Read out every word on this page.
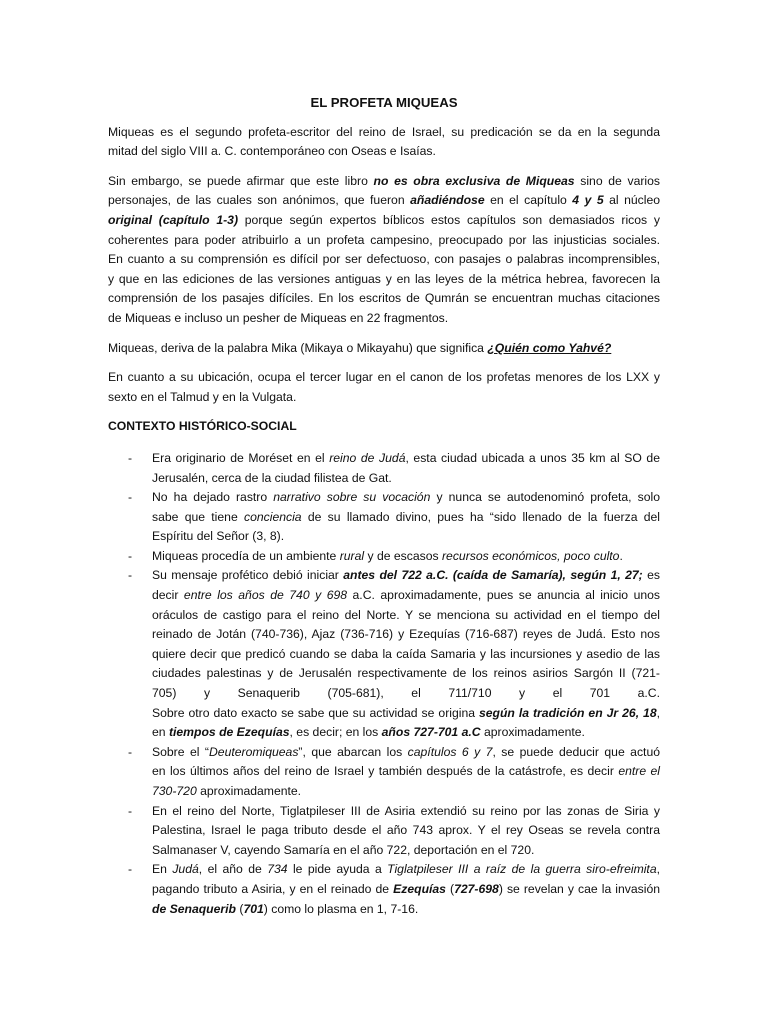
EL PROFETA MIQUEAS
Miqueas es el segundo profeta-escritor del reino de Israel, su predicación se da en la segunda
mitad del siglo VIII a. C. contemporáneo con Oseas e Isaías.
Sin embargo, se puede afirmar que este libro no es obra exclusiva de Miqueas sino de varios
personajes, de las cuales son anónimos, que fueron añadiéndose en el capítulo 4 y 5 al núcleo
original (capítulo 1-3) porque según expertos bíblicos estos capítulos son demasiados ricos y
coherentes para poder atribuirlo a un profeta campesino, preocupado por las injusticias sociales.
En cuanto a su comprensión es difícil por ser defectuoso, con pasajes o palabras incomprensibles,
y que en las ediciones de las versiones antiguas y en las leyes de la métrica hebrea, favorecen la
comprensión de los pasajes difíciles. En los escritos de Qumrán se encuentran muchas citaciones
de Miqueas e incluso un pesher de Miqueas en 22 fragmentos.
Miqueas, deriva de la palabra Mika (Mikaya o Mikayahu) que significa ¿Quién como Yahvé?
En cuanto a su ubicación, ocupa el tercer lugar en el canon de los profetas menores de los LXX y
sexto en el Talmud y en la Vulgata.
CONTEXTO HISTÓRICO-SOCIAL
- Era originario de Moréset en el reino de Judá, esta ciudad ubicada a unos 35 km al SO de
Jerusalén, cerca de la ciudad filistea de Gat.
- No ha dejado rastro narrativo sobre su vocación y nunca se autodenominó profeta, solo
sabe que tiene conciencia de su llamado divino, pues ha “sido llenado de la fuerza del
Espíritu del Señor (3, 8).
- Miqueas procedía de un ambiente rural y de escasos recursos económicos, poco culto.
- Su mensaje profético debió iniciar antes del 722 a.C. (caída de Samaría), según 1, 27; es
decir entre los años de 740 y 698 a.C. aproximadamente, pues se anuncia al inicio unos
oráculos de castigo para el reino del Norte. Y se menciona su actividad en el tiempo del
reinado de Jotán (740-736), Ajaz (736-716) y Ezequías (716-687) reyes de Judá. Esto nos
quiere decir que predicó cuando se daba la caída Samaria y las incursiones y asedio de las
ciudades palestinas y de Jerusalén respectivamente de los reinos asirios Sargón II (721-
705) y Senaquerib (705-681), el 711/710 y el 701 a.C.
Sobre otro dato exacto se sabe que su actividad se origina según la tradición en Jr 26, 18,
en tiempos de Ezequías, es decir; en los años 727-701 a.C aproximadamente.
- Sobre el “Deuteromiqueas”, que abarcan los capítulos 6 y 7, se puede deducir que actuó
en los últimos años del reino de Israel y también después de la catástrofe, es decir entre el
730-720 aproximadamente.
- En el reino del Norte, Tiglatpileser III de Asiria extendió su reino por las zonas de Siria y
Palestina, Israel le paga tributo desde el año 743 aprox. Y el rey Oseas se revela contra
Salmanaser V, cayendo Samaría en el año 722, deportación en el 720.
- En Judá, el año de 734 le pide ayuda a Tiglatpileser III a raíz de la guerra siro-efreimita,
pagando tributo a Asiria, y en el reinado de Ezequías (727-698) se revelan y cae la invasión
de Senaquerib (701) como lo plasma en 1, 7-16.
